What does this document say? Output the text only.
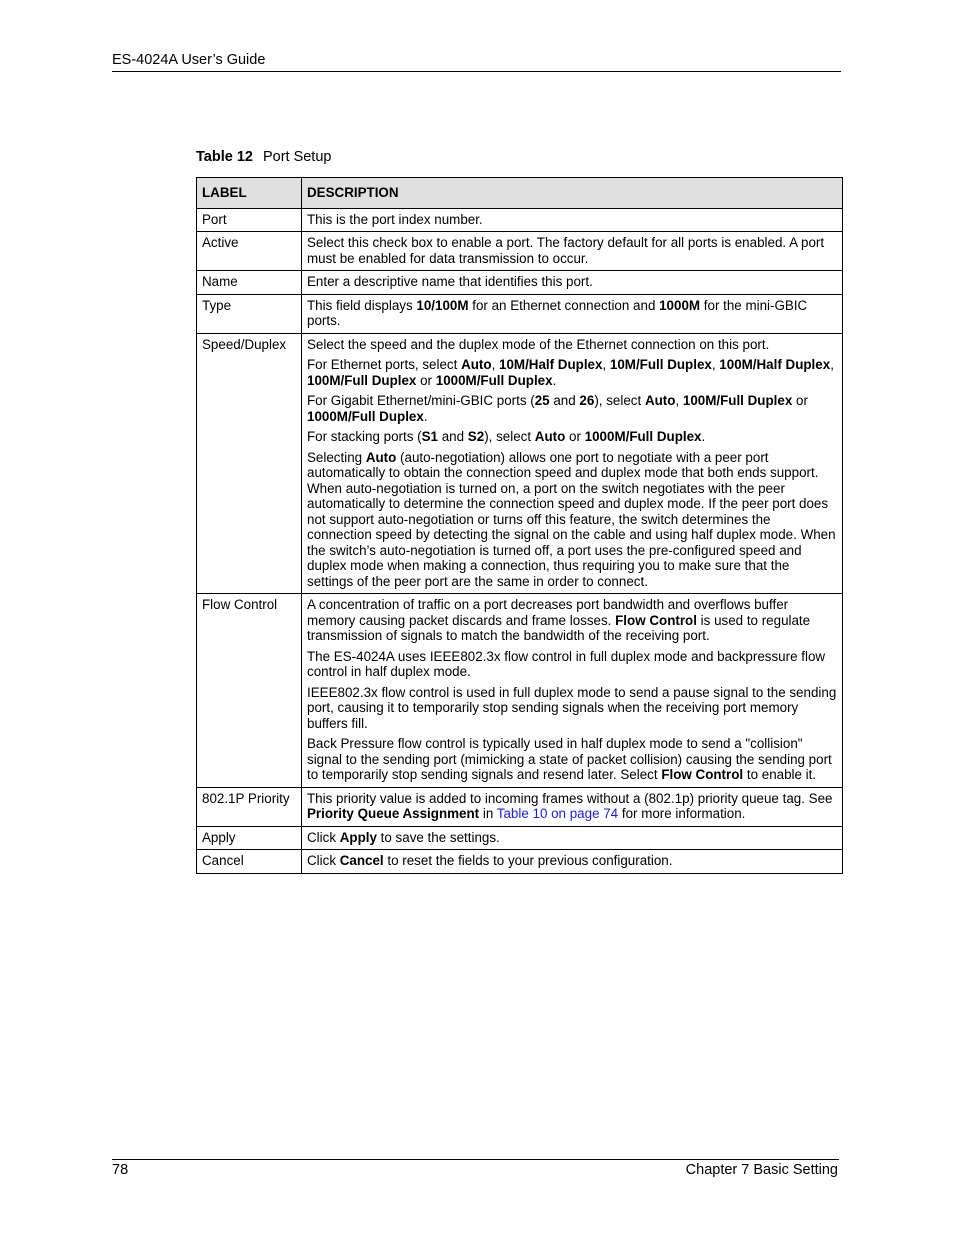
ES-4024A User’s Guide
Table 12 Port Setup
LABEL	DESCRIPTION
Port	This is the port index number.
Active	Select this check box to enable a port. The factory default for all ports is enabled. A port must be enabled for data transmission to occur.
Name	Enter a descriptive name that identifies this port.
Type	This field displays 10/100M for an Ethernet connection and 1000M for the mini-GBIC ports.
Speed/Duplex	Select the speed and the duplex mode of the Ethernet connection on this port.
For Ethernet ports, select Auto, 10M/Half Duplex, 10M/Full Duplex, 100M/Half Duplex, 100M/Full Duplex or 1000M/Full Duplex.
For Gigabit Ethernet/mini-GBIC ports (25 and 26), select Auto, 100M/Full Duplex or 1000M/Full Duplex.
For stacking ports (S1 and S2), select Auto or 1000M/Full Duplex.
Selecting Auto (auto-negotiation) allows one port to negotiate with a peer port automatically to obtain the connection speed and duplex mode that both ends support. When auto-negotiation is turned on, a port on the switch negotiates with the peer automatically to determine the connection speed and duplex mode. If the peer port does not support auto-negotiation or turns off this feature, the switch determines the connection speed by detecting the signal on the cable and using half duplex mode. When the switch’s auto-negotiation is turned off, a port uses the pre-configured speed and duplex mode when making a connection, thus requiring you to make sure that the settings of the peer port are the same in order to connect.

Flow Control	A concentration of traffic on a port decreases port bandwidth and overflows buffer memory causing packet discards and frame losses. Flow Control is used to regulate transmission of signals to match the bandwidth of the receiving port.
The ES-4024A uses IEEE802.3x flow control in full duplex mode and backpressure flow control in half duplex mode.
IEEE802.3x flow control is used in full duplex mode to send a pause signal to the sending port, causing it to temporarily stop sending signals when the receiving port memory buffers fill.
Back Pressure flow control is typically used in half duplex mode to send a "collision" signal to the sending port (mimicking a state of packet collision) causing the sending port to temporarily stop sending signals and resend later. Select Flow Control to enable it.

802.1P Priority	This priority value is added to incoming frames without a (802.1p) priority queue tag. See Priority Queue Assignment in Table 10 on page 74 for more information.
Apply	Click Apply to save the settings.
Cancel	Click Cancel to reset the fields to your previous configuration.
78	Chapter 7 Basic Setting
